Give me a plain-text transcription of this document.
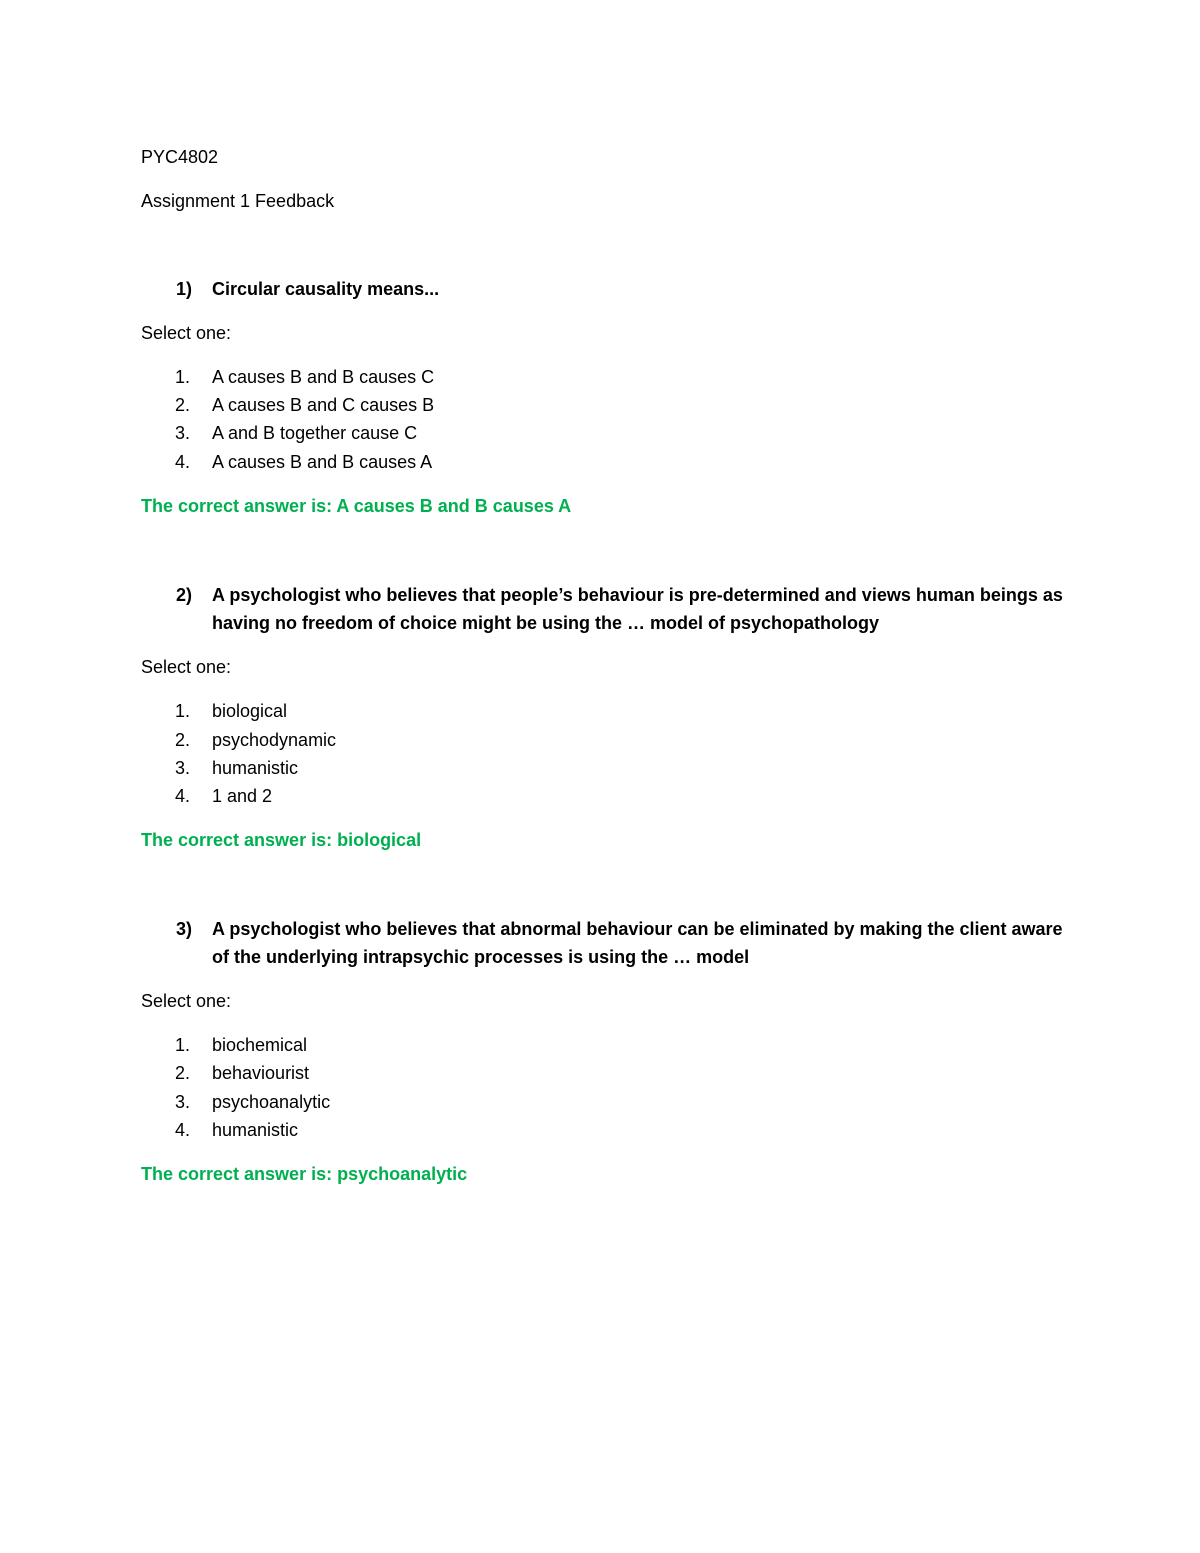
PYC4802
Assignment 1 Feedback
1) Circular causality means...
Select one:
1. A causes B and B causes C
2. A causes B and C causes B
3. A and B together cause C
4. A causes B and B causes A
The correct answer is: A causes B and B causes A
2) A psychologist who believes that people’s behaviour is pre-determined and views human beings as having no freedom of choice might be using the … model of psychopathology
Select one:
1. biological
2. psychodynamic
3. humanistic
4. 1 and 2
The correct answer is: biological
3) A psychologist who believes that abnormal behaviour can be eliminated by making the client aware of the underlying intrapsychic processes is using the … model
Select one:
1. biochemical
2. behaviourist
3. psychoanalytic
4. humanistic
The correct answer is: psychoanalytic
